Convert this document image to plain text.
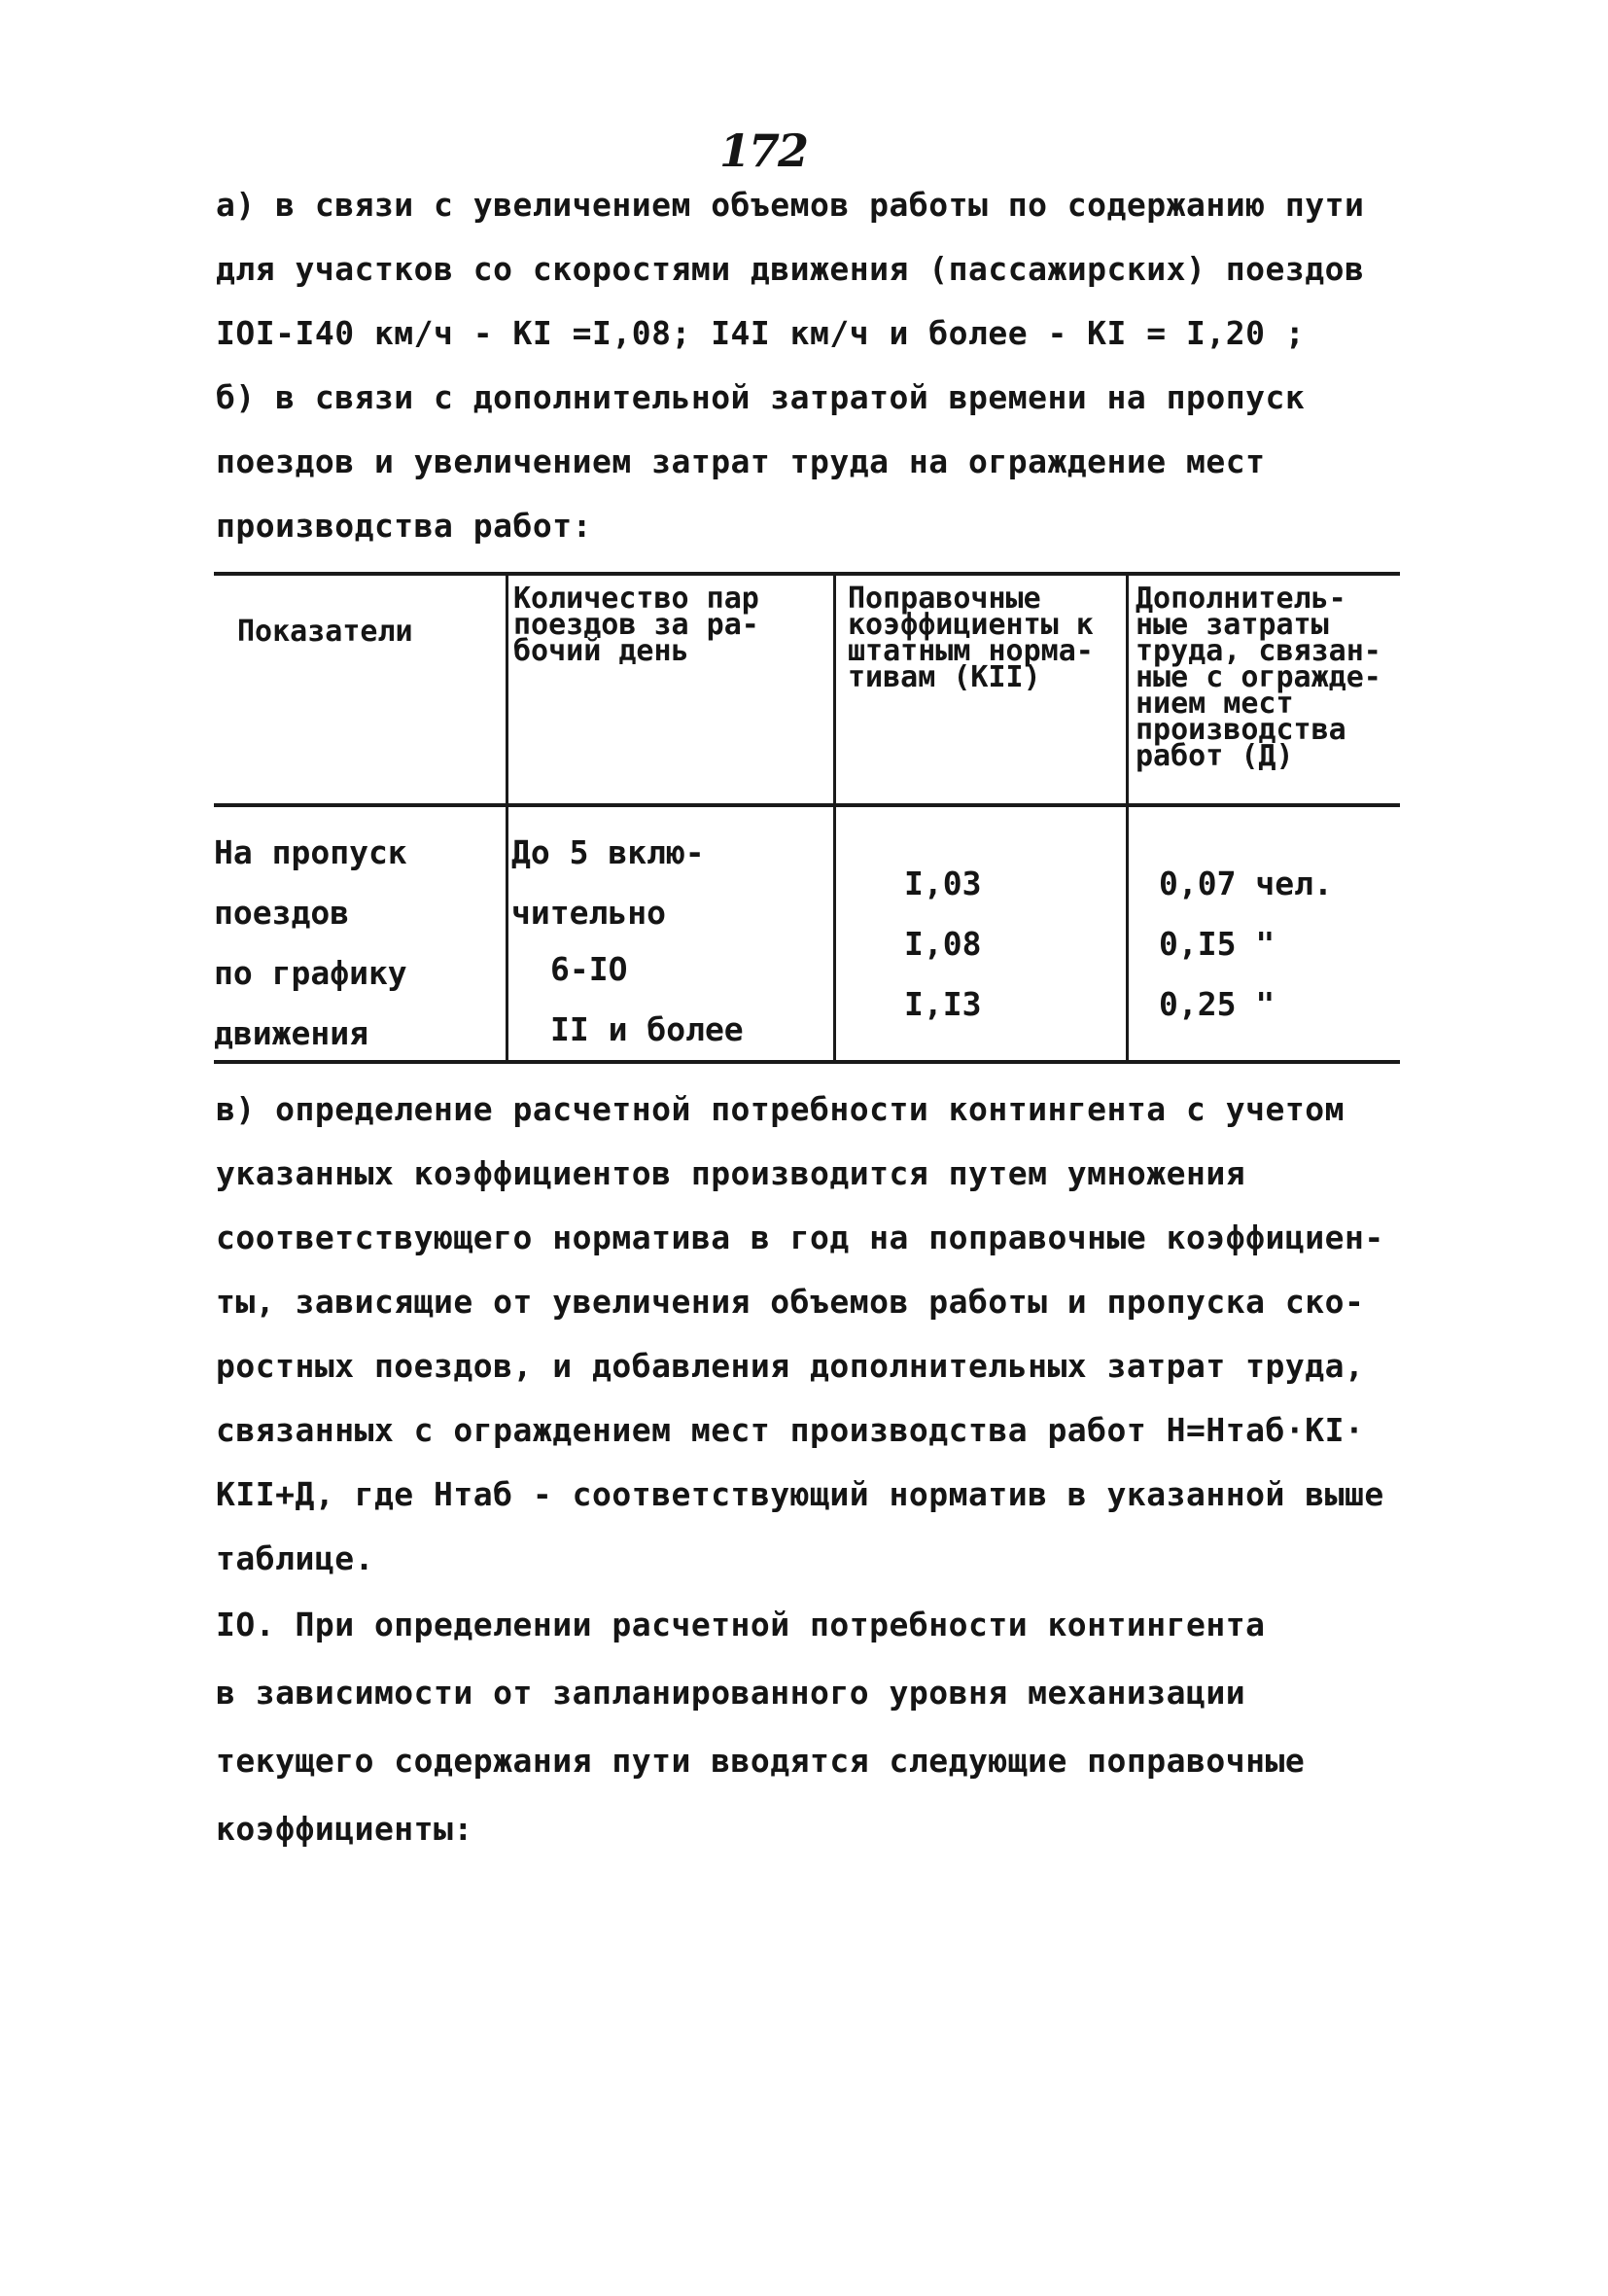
172
а) в связи с увеличением объемов работы по содержанию пути
для участков со скоростями движения (пассажирских) поездов
IOI-I40 км/ч - КI =I,08; I4I км/ч и более - КI = I,20 ;
б) в связи с дополнительной затратой времени на пропуск
поездов и увеличением затрат труда на ограждение мест
производства работ:
Показатели
Количество пар
поездов за ра-
бочий день
Поправочные
коэффициенты к
штатным норма-
тивам (КII)
Дополнитель-
ные затраты
труда, связан-
ные с огражде-
нием мест
производства
работ (Д)
На пропуск
поездов
по графику
движения
До 5 вклю-
чительно
6-IO
II и более
I,03
I,08
I,I3
0,07 чел.
0,I5 "
0,25 "
в) определение расчетной потребности контингента с учетом
указанных коэффициентов производится путем умножения
соответствующего норматива в год на поправочные коэффициен-
ты, зависящие от увеличения объемов работы и пропуска ско-
ростных поездов, и добавления дополнительных затрат труда,
связанных с ограждением мест производства работ Н=Нтаб·КI·
КII+Д, где Нтаб - соответствующий норматив в указанной выше
таблице.
IO. При определении расчетной потребности контингента
в зависимости от запланированного уровня механизации
текущего содержания пути вводятся следующие поправочные
коэффициенты:
